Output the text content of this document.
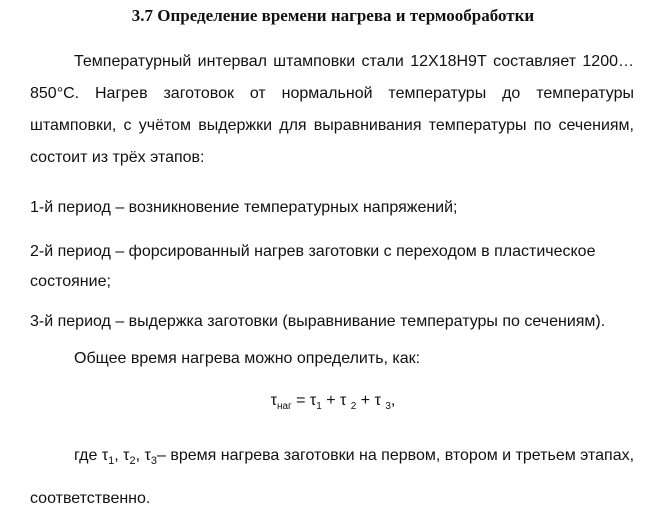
3.7 Определение времени нагрева и термообработки

Температурный интервал штамповки стали 12Х18Н9Т составляет 1200…850°С. Нагрев заготовок от нормальной температуры до температуры штамповки, с учётом выдержки для выравнивания температуры по сечениям, состоит из трёх этапов:

1-й период – возникновение температурных напряжений;

2-й период – форсированный нагрев заготовки с переходом в пластическое состояние;

3-й период – выдержка заготовки (выравнивание температуры по сечениям).

Общее время нагрева можно определить, как:

$\tau_{наг} = \tau_1 + \tau$ $_2$ + τ $_3$,

где $\tau_1$, $\tau_2$, $\tau_3-$ время нагрева заготовки на первом, втором и третьем этапах, соответственно.
